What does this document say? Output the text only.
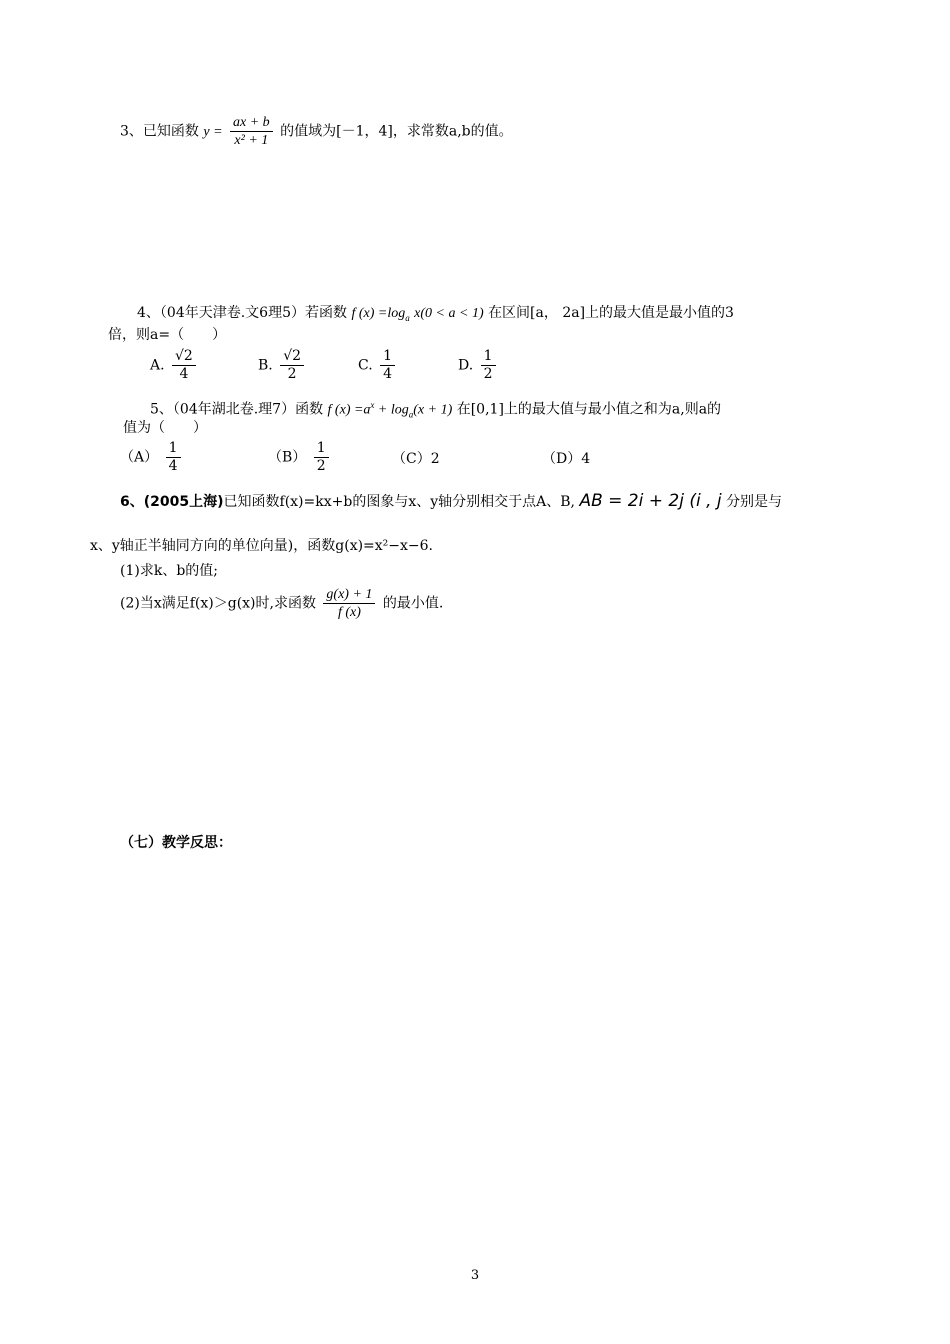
3、已知函数 $y = \frac{ax + b}{\text{x² + 1}}$ 的值域为[－1，4]，求常数a,b的值。
4、（04年天津卷.文6理5）若函数 f $(x) =\log_a$ x(0 < a < 1) 在区间[a， 2a]上的最大值是最小值的3
倍，则a=（　　）
A. $\frac{√2}{4}$	B. $\frac{√2}{2}$	C. $\frac{1}{4}$	D. $\frac{1}{2}$
5、（04年湖北卷.理7）函数 f $(x) =a^x + \log_a(x + 1)$ 在[0,1]上的最大值与最小值之和为a,则a的
值为（　　）
$(A) \frac{1}{4}$	$(B) \frac{1}{2}$	（C）2	（D）4
6、(2005上海)已知函数f(x)=kx+b的图象与x、y轴分别相交于点A、B, AB = 2i + 2j (i , j 分别是与
x、y轴正半轴同方向的单位向量)，函数g(x)=x²−x−6.
(1)求k、b的值;
(2)当x满足f(x)＞g(x)时,求函数 $\frac{g(x) + 1}{f (x)}$ 的最小值.
（七）教学反思：
3
